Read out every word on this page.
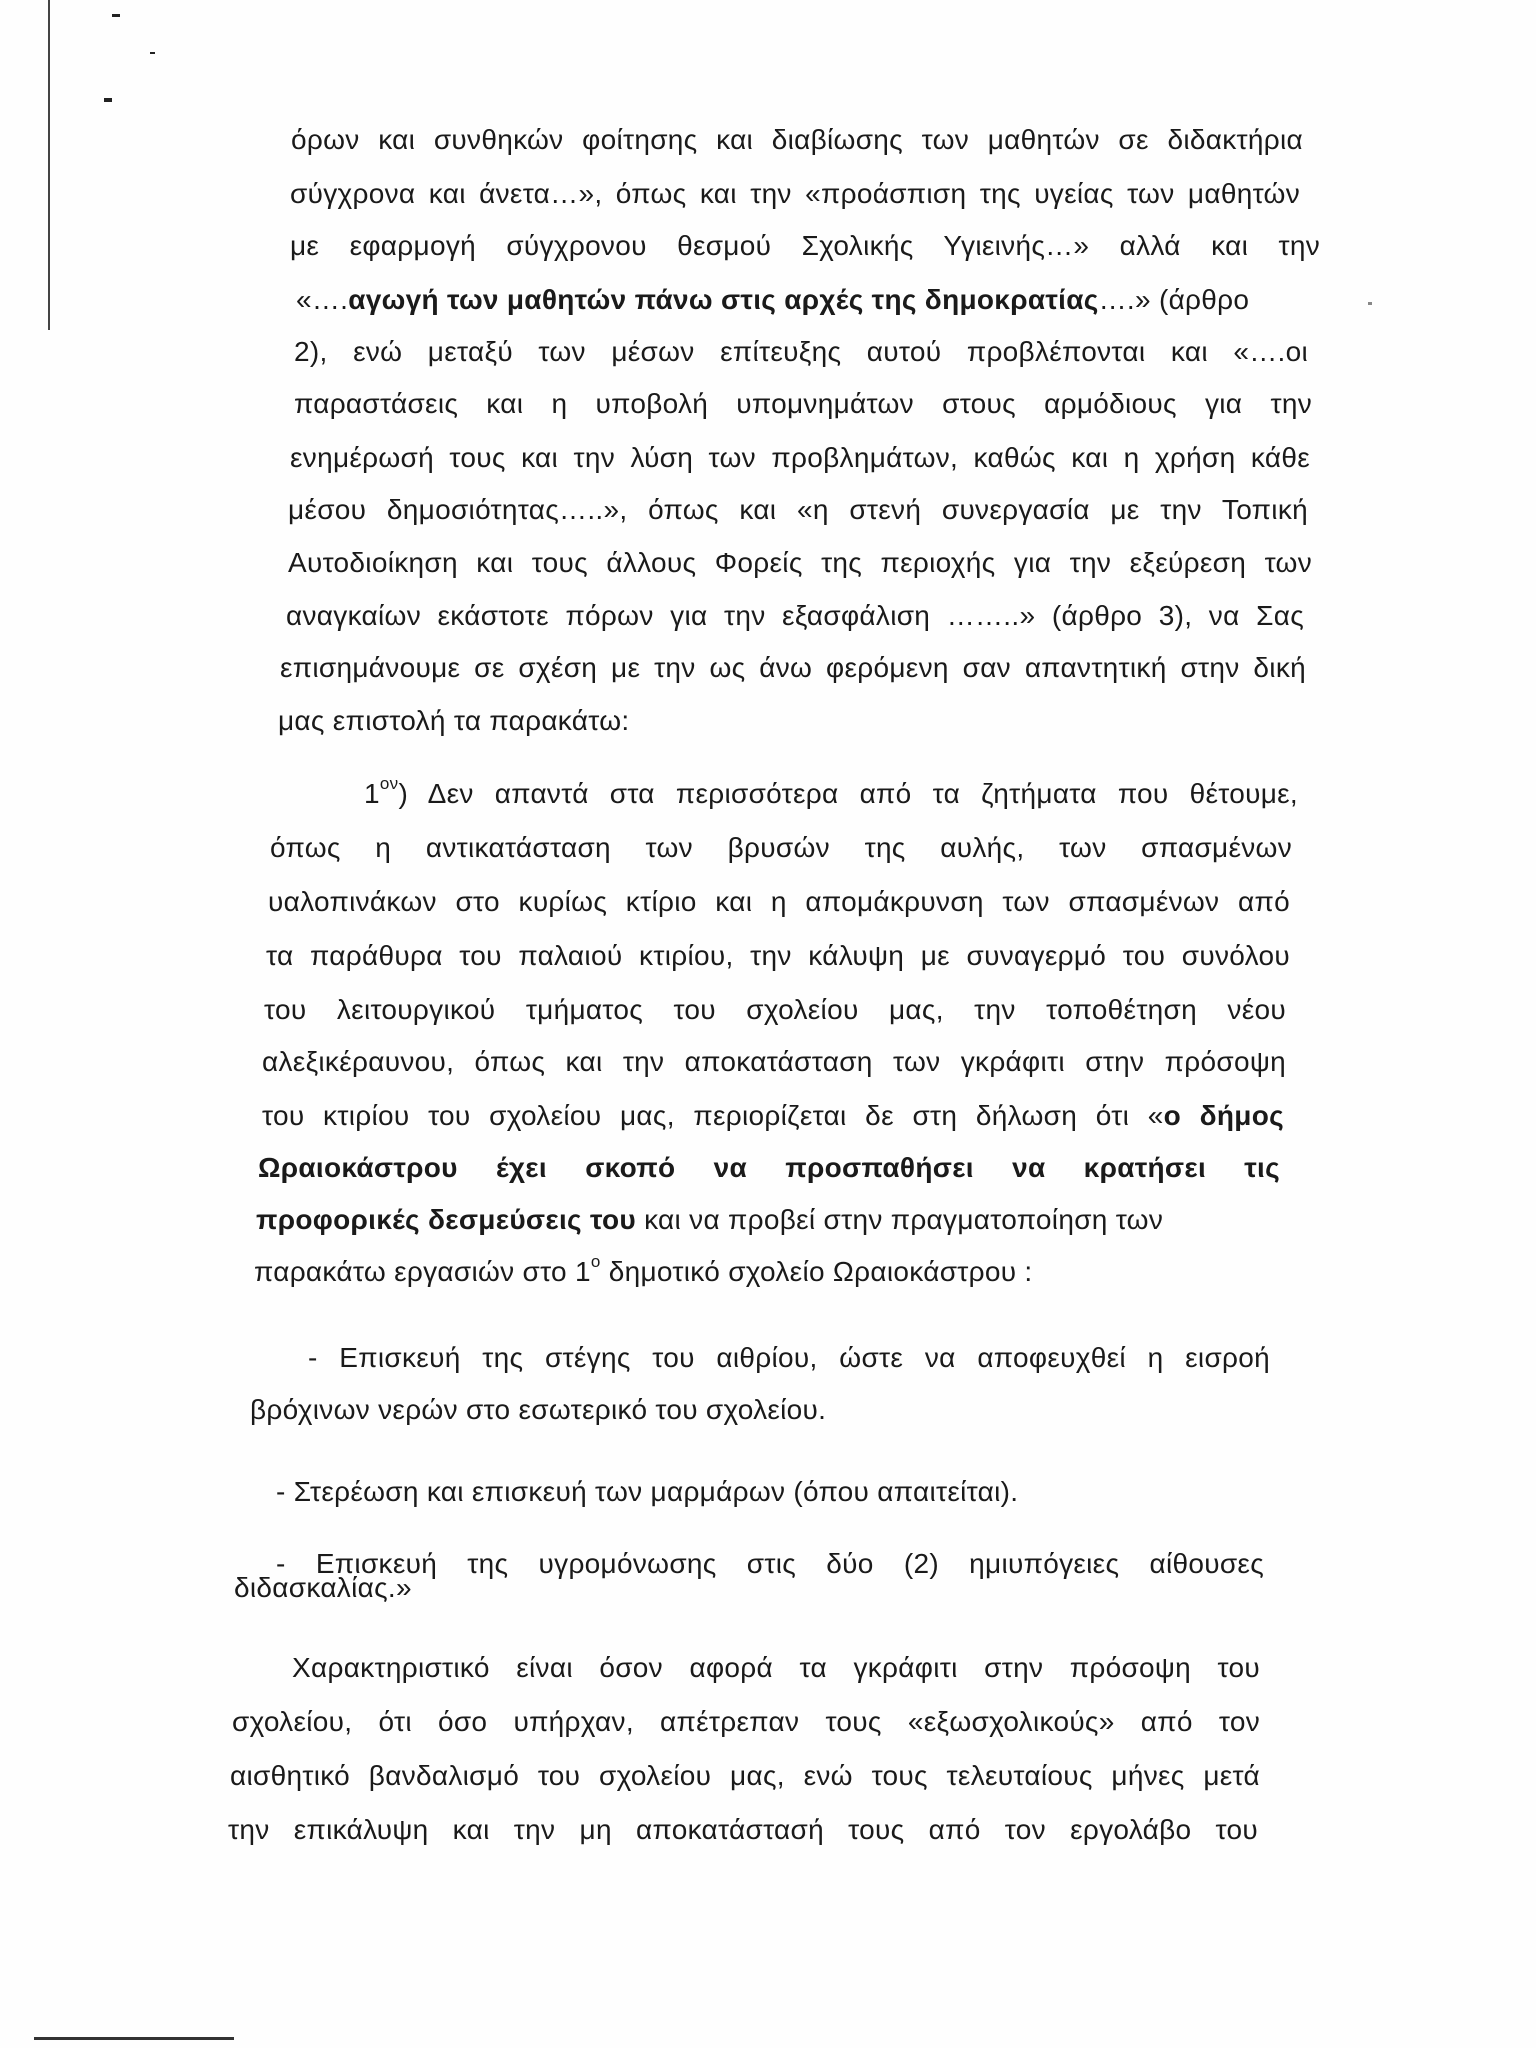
όρων και συνθηκών φοίτησης και διαβίωσης των μαθητών σε διδακτήρια
σύγχρονα και άνετα…», όπως και την «προάσπιση της υγείας των μαθητών
με εφαρμογή σύγχρονου θεσμού Σχολικής Υγιεινής…» αλλά και την
«….αγωγή των μαθητών πάνω στις αρχές της δημοκρατίας….» (άρθρο
2), ενώ μεταξύ των μέσων επίτευξης αυτού προβλέπονται και «….οι
παραστάσεις και η υποβολή υπομνημάτων στους αρμόδιους για την
ενημέρωσή τους και την λύση των προβλημάτων, καθώς και η χρήση κάθε
μέσου δημοσιότητας…..», όπως και «η στενή συνεργασία με την Τοπική
Αυτοδιοίκηση και τους άλλους Φορείς της περιοχής για την εξεύρεση των
αναγκαίων εκάστοτε πόρων για την εξασφάλιση ……..» (άρθρο 3), να Σας
επισημάνουμε σε σχέση με την ως άνω φερόμενη σαν απαντητική στην δική
μας επιστολή τα παρακάτω:
$1^{o\nu}$) Δεν απαντά στα περισσότερα από τα ζητήματα που θέτουμε,
όπως η αντικατάσταση των βρυσών της αυλής, των σπασμένων
υαλοπινάκων στο κυρίως κτίριο και η απομάκρυνση των σπασμένων από
τα παράθυρα του παλαιού κτιρίου, την κάλυψη με συναγερμό του συνόλου
του λειτουργικού τμήματος του σχολείου μας, την τοποθέτηση νέου
αλεξικέραυνου, όπως και την αποκατάσταση των γκράφιτι στην πρόσοψη
του κτιρίου του σχολείου μας, περιορίζεται δε στη δήλωση ότι «ο δήμος
Ωραιοκάστρου έχει σκοπό να προσπαθήσει να κρατήσει τις
προφορικές δεσμεύσεις του και να προβεί στην πραγματοποίηση των
παρακάτω εργασιών στο $1^o$ δημοτικό σχολείο Ωραιοκάστρου :
- Επισκευή της στέγης του αιθρίου, ώστε να αποφευχθεί η εισροή
βρόχινων νερών στο εσωτερικό του σχολείου.
- Στερέωση και επισκευή των μαρμάρων (όπου απαιτείται).
- Επισκευή της υγρομόνωσης στις δύο (2) ημιυπόγειες αίθουσες
διδασκαλίας.»
Χαρακτηριστικό είναι όσον αφορά τα γκράφιτι στην πρόσοψη του
σχολείου, ότι όσο υπήρχαν, απέτρεπαν τους «εξωσχολικούς» από τον
αισθητικό βανδαλισμό του σχολείου μας, ενώ τους τελευταίους μήνες μετά
την επικάλυψη και την μη αποκατάστασή τους από τον εργολάβο του
